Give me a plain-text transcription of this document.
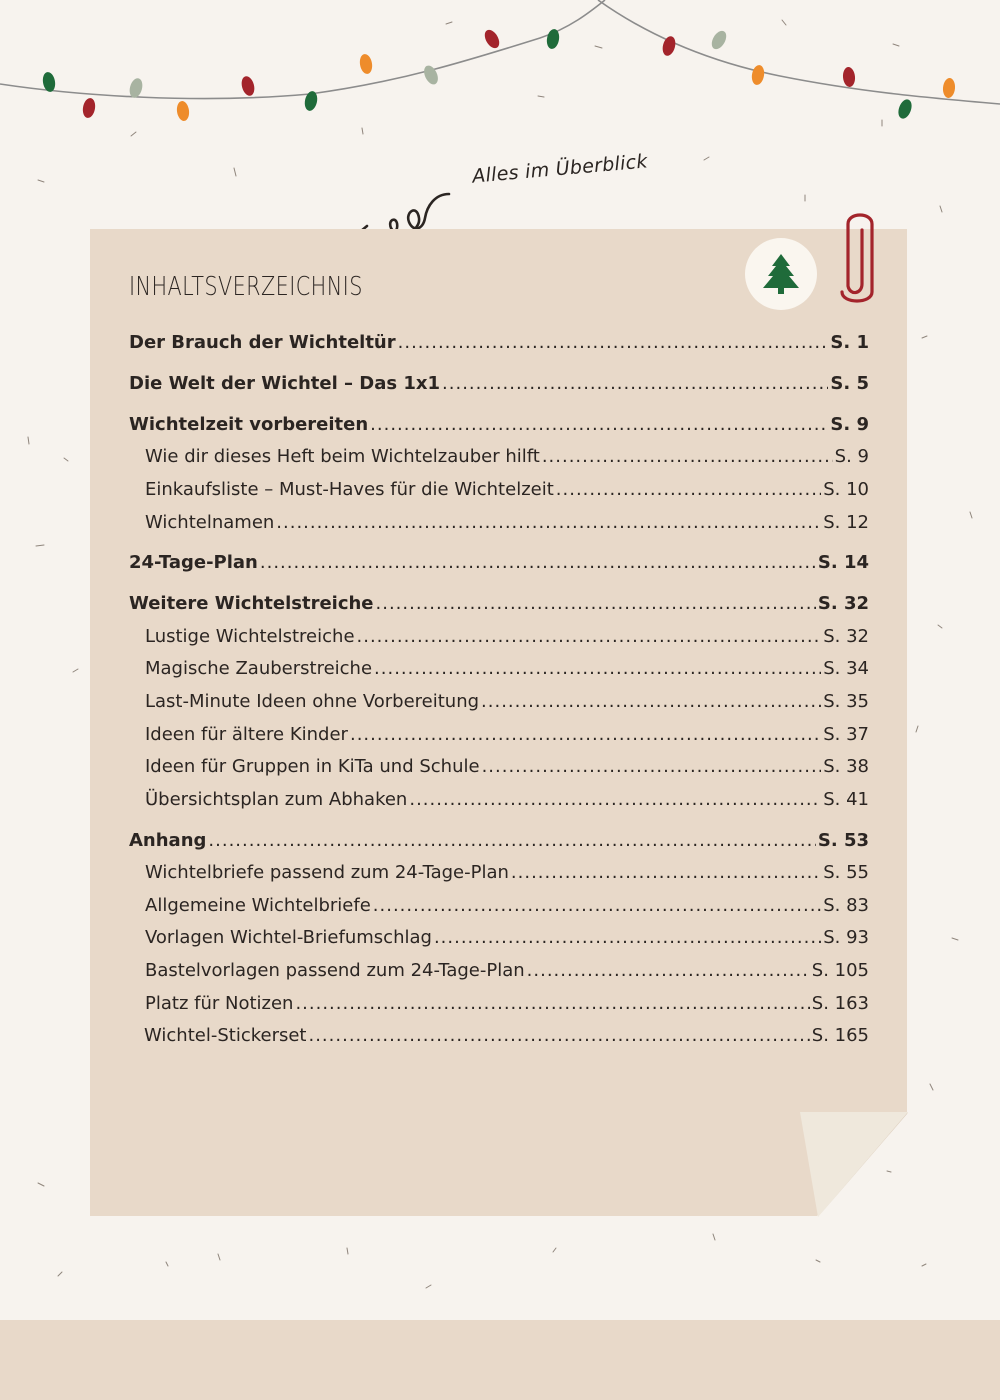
Alles im Überblick
INHALTSVERZEICHNIS
Der Brauch der Wichteltür .....	S. 1
Die Welt der Wichtel – Das 1x1 .....	S. 5
Wichtelzeit vorbereiten .....	S. 9
Wie dir dieses Heft beim Wichtelzauber hilft .....	S. 9
Einkaufsliste – Must-Haves für die Wichtelzeit .....	S. 10
Wichtelnamen .....	S. 12
24-Tage-Plan .....	S. 14
Weitere Wichtelstreiche .....	S. 32
Lustige Wichtelstreiche .....	S. 32
Magische Zauberstreiche .....	S. 34
Last-Minute Ideen ohne Vorbereitung .....	S. 35
Ideen für ältere Kinder .....	S. 37
Ideen für Gruppen in KiTa und Schule .....	S. 38
Übersichtsplan zum Abhaken .....	S. 41
Anhang .....	S. 53
Wichtelbriefe passend zum 24-Tage-Plan .....	S. 55
Allgemeine Wichtelbriefe .....	S. 83
Vorlagen Wichtel-Briefumschlag .....	S. 93
Bastelvorlagen passend zum 24-Tage-Plan .....	S. 105
Platz für Notizen .....	S. 163
Wichtel-Stickerset .....	S. 165
